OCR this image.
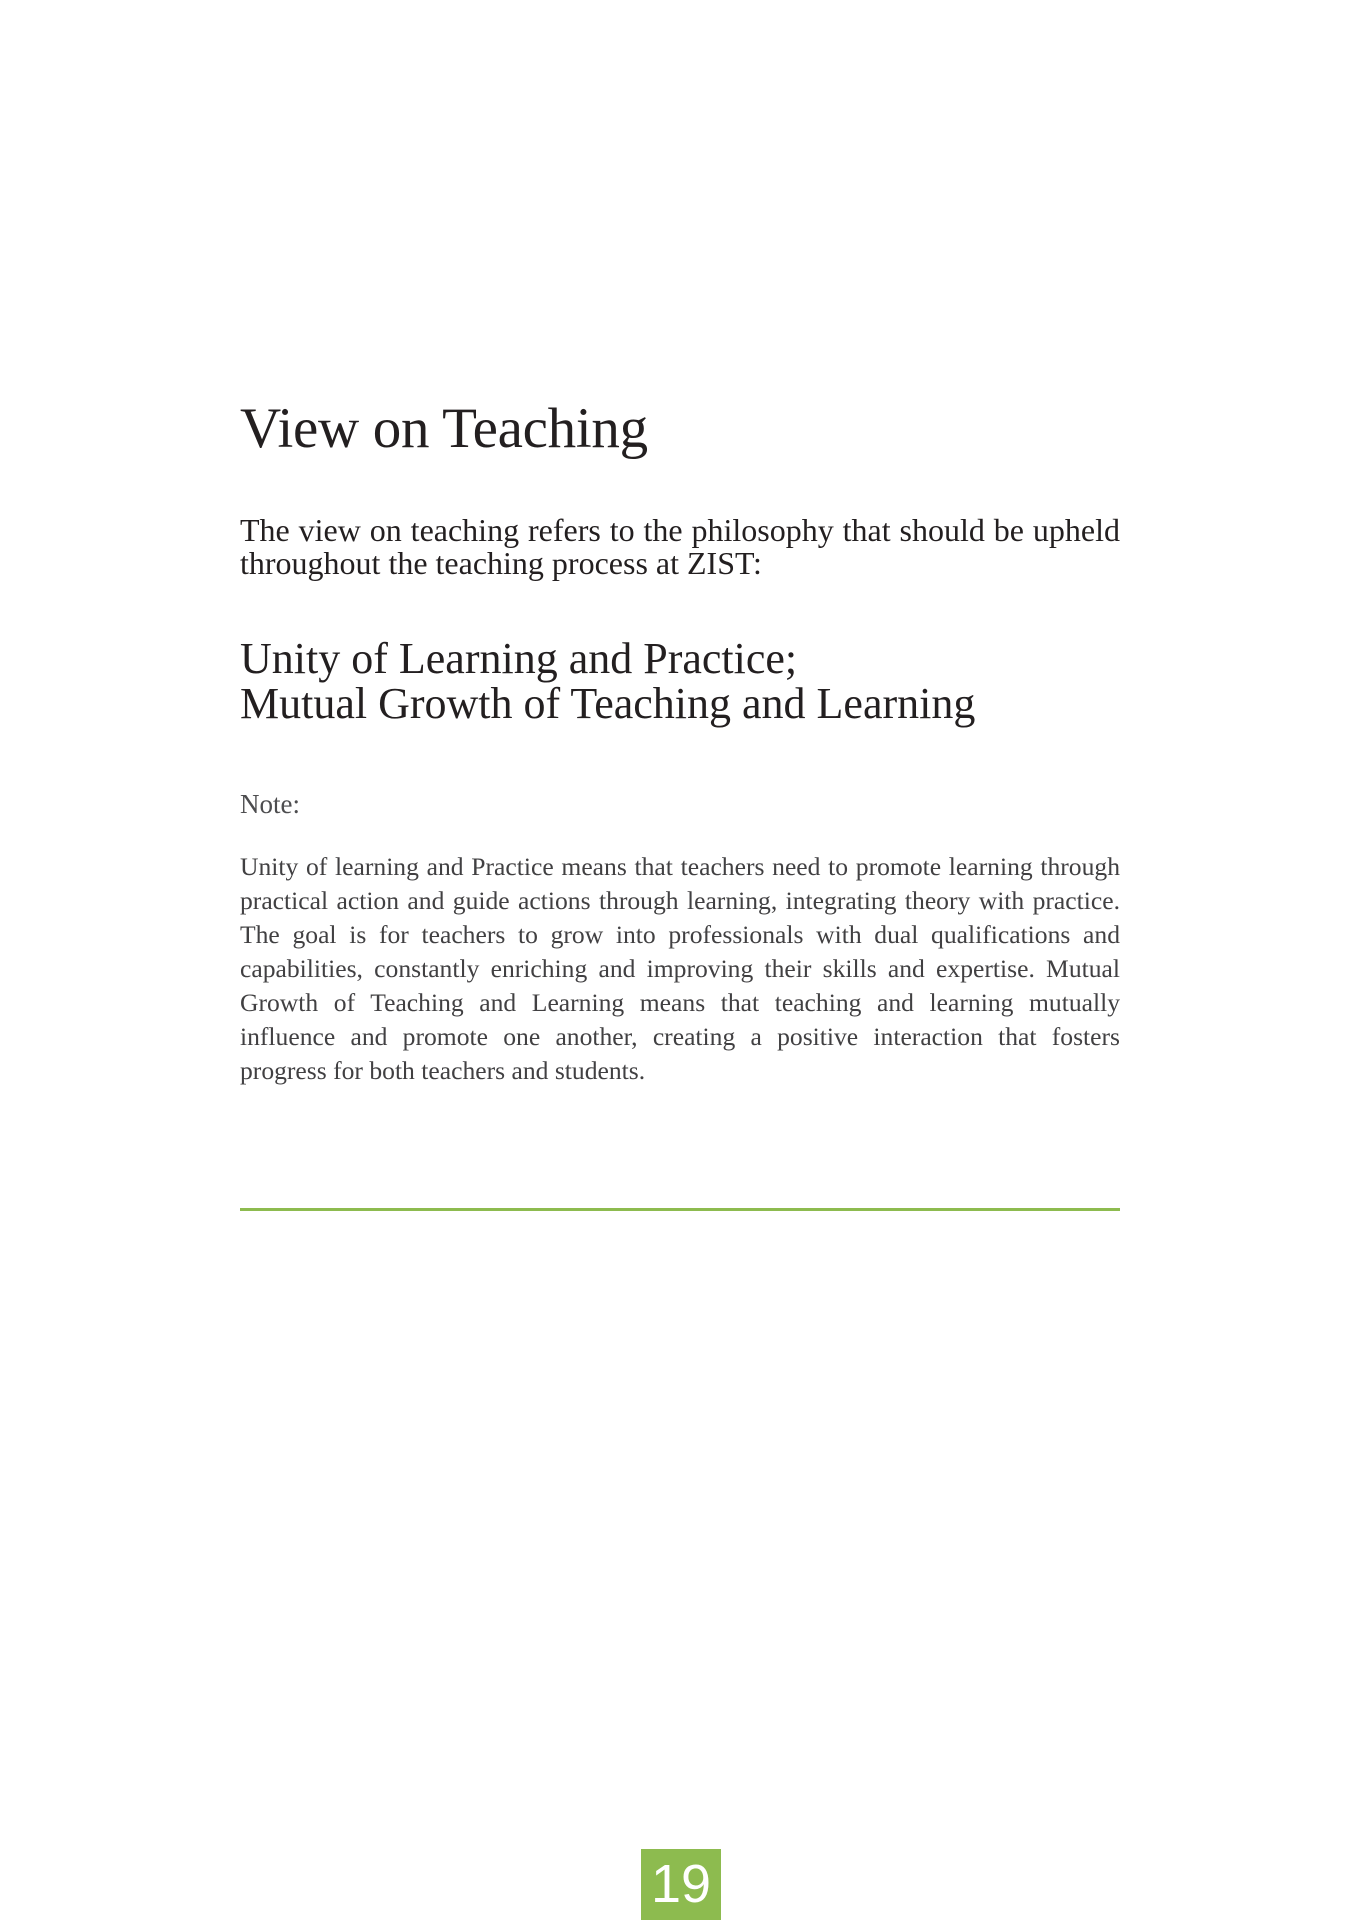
View on Teaching

The view on teaching refers to the philosophy that should be upheld throughout the teaching process at ZIST:

Unity of Learning and Practice;
Mutual Growth of Teaching and Learning

Note:

Unity of learning and Practice means that teachers need to promote learning through practical action and guide actions through learning, integrating theory with practice. The goal is for teachers to grow into professionals with dual qualifications and capabilities, constantly enriching and improving their skills and expertise. Mutual Growth of Teaching and Learning means that teaching and learning mutually influence and promote one another, creating a positive interaction that fosters progress for both teachers and students.

19
